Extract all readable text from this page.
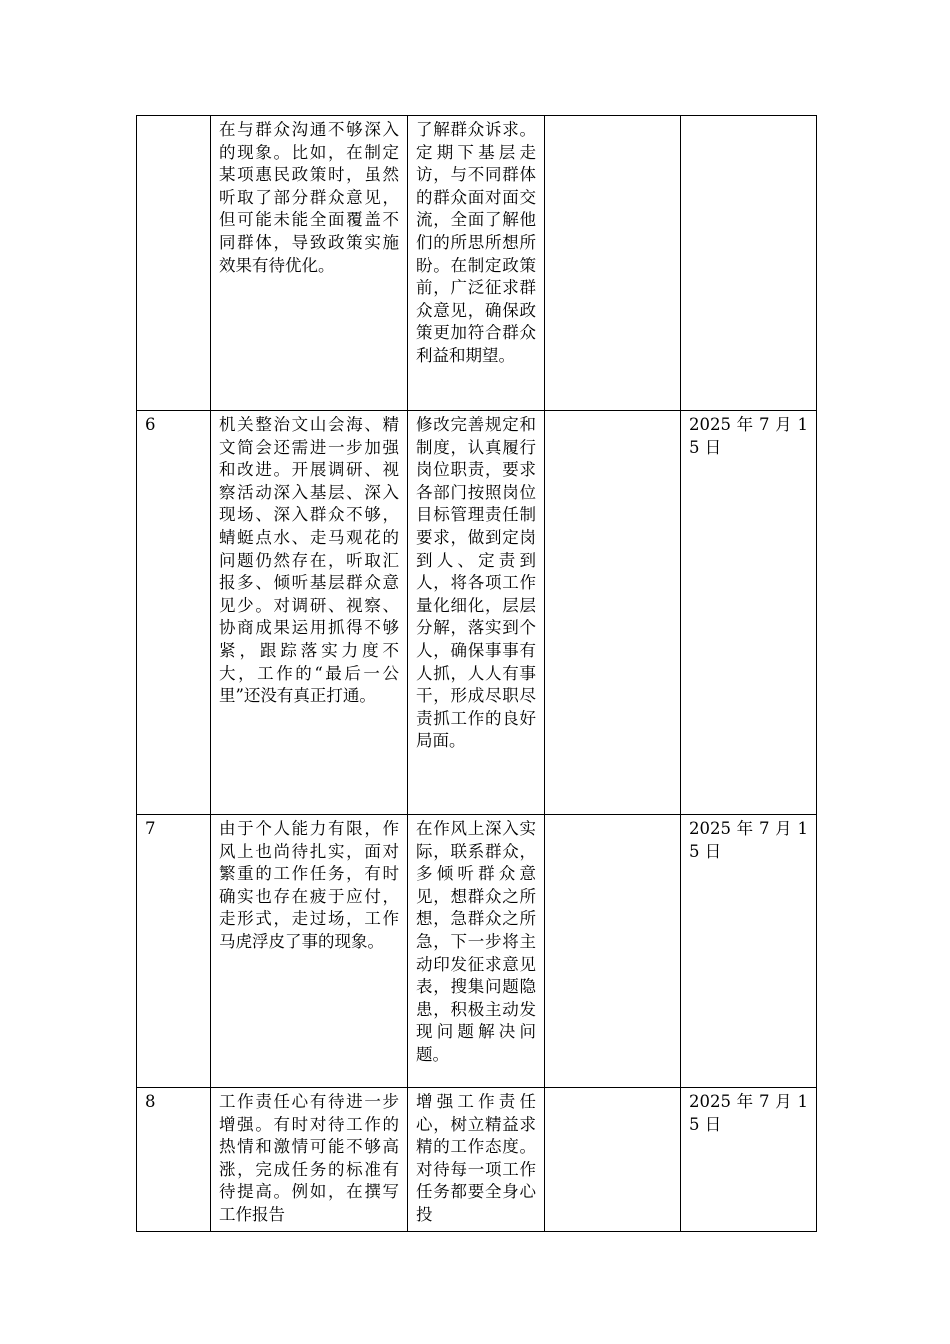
	在与群众沟通不够深入的现象。比如，在制定某项惠民政策时，虽然听取了部分群众意见，但可能未能全面覆盖不同群体，导致政策实施效果有待优化。	了解群众诉求。定期下基层走访，与不同群体的群众面对面交流，全面了解他们的所思所想所盼。在制定政策前，广泛征求群众意见，确保政策更加符合群众利益和期望。		

6	机关整治文山会海、精文简会还需进一步加强和改进。开展调研、视察活动深入基层、深入现场、深入群众不够，蜻蜓点水、走马观花的问题仍然存在，听取汇报多、倾听基层群众意见少。对调研、视察、协商成果运用抓得不够紧，跟踪落实力度不大，工作的“最后一公里”还没有真正打通。	修改完善规定和制度，认真履行岗位职责，要求各部门按照岗位目标管理责任制要求，做到定岗到人、定责到人，将各项工作量化细化，层层分解，落实到个人，确保事事有人抓，人人有事干，形成尽职尽责抓工作的良好局面。		2025 年 7 月 15 日

7	由于个人能力有限，作风上也尚待扎实，面对繁重的工作任务，有时确实也存在疲于应付，走形式，走过场，工作马虎浮皮了事的现象。	在作风上深入实际，联系群众，多倾听群众意见，想群众之所想，急群众之所急，下一步将主动印发征求意见表，搜集问题隐患，积极主动发现问题解决问题。		2025 年 7 月 15 日

8	工作责任心有待进一步增强。有时对待工作的热情和激情可能不够高涨，完成任务的标准有待提高。例如，在撰写工作报告	增强工作责任心，树立精益求精的工作态度。对待每一项工作任务都要全身心投		2025 年 7 月 15 日
